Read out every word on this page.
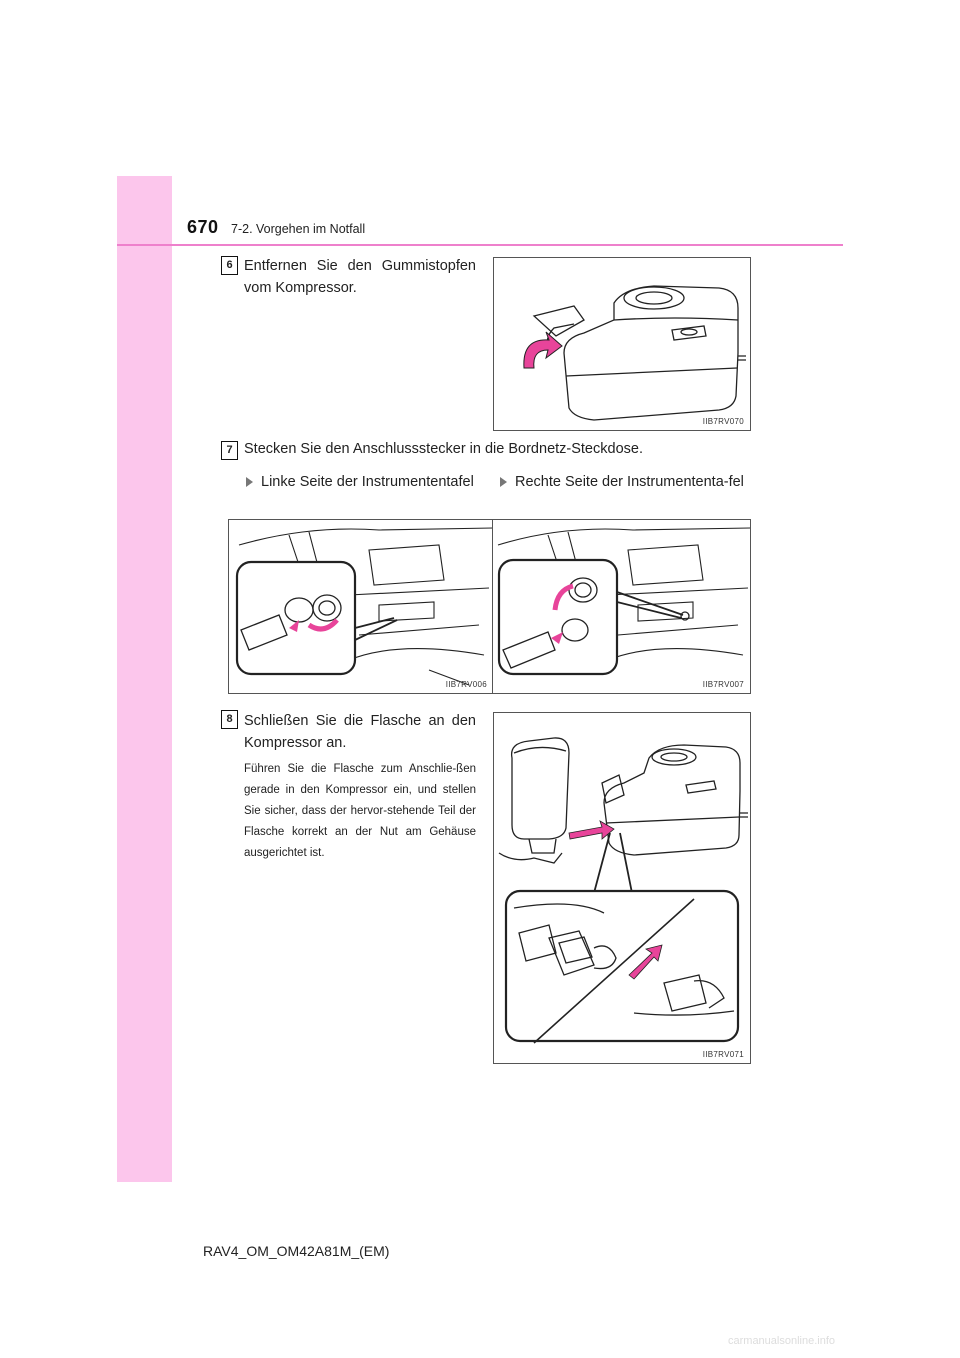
670 7-2. Vorgehen im Notfall
6 Entfernen Sie den Gummistopfen vom Kompressor.
IIB7RV070
7 Stecken Sie den Anschlussstecker in die Bordnetz-Steckdose.
Linke Seite der Instrumententafel	Rechte Seite der Instrumententa-fel
IIB7RV006	IIB7RV007
8 Schließen Sie die Flasche an den Kompressor an.
Führen Sie die Flasche zum Anschlie-ßen gerade in den Kompressor ein, und stellen Sie sicher, dass der hervor-stehende Teil der Flasche korrekt an der Nut am Gehäuse ausgerichtet ist.
IIB7RV071
RAV4_OM_OM42A81M_(EM)
carmanualsonline.info
